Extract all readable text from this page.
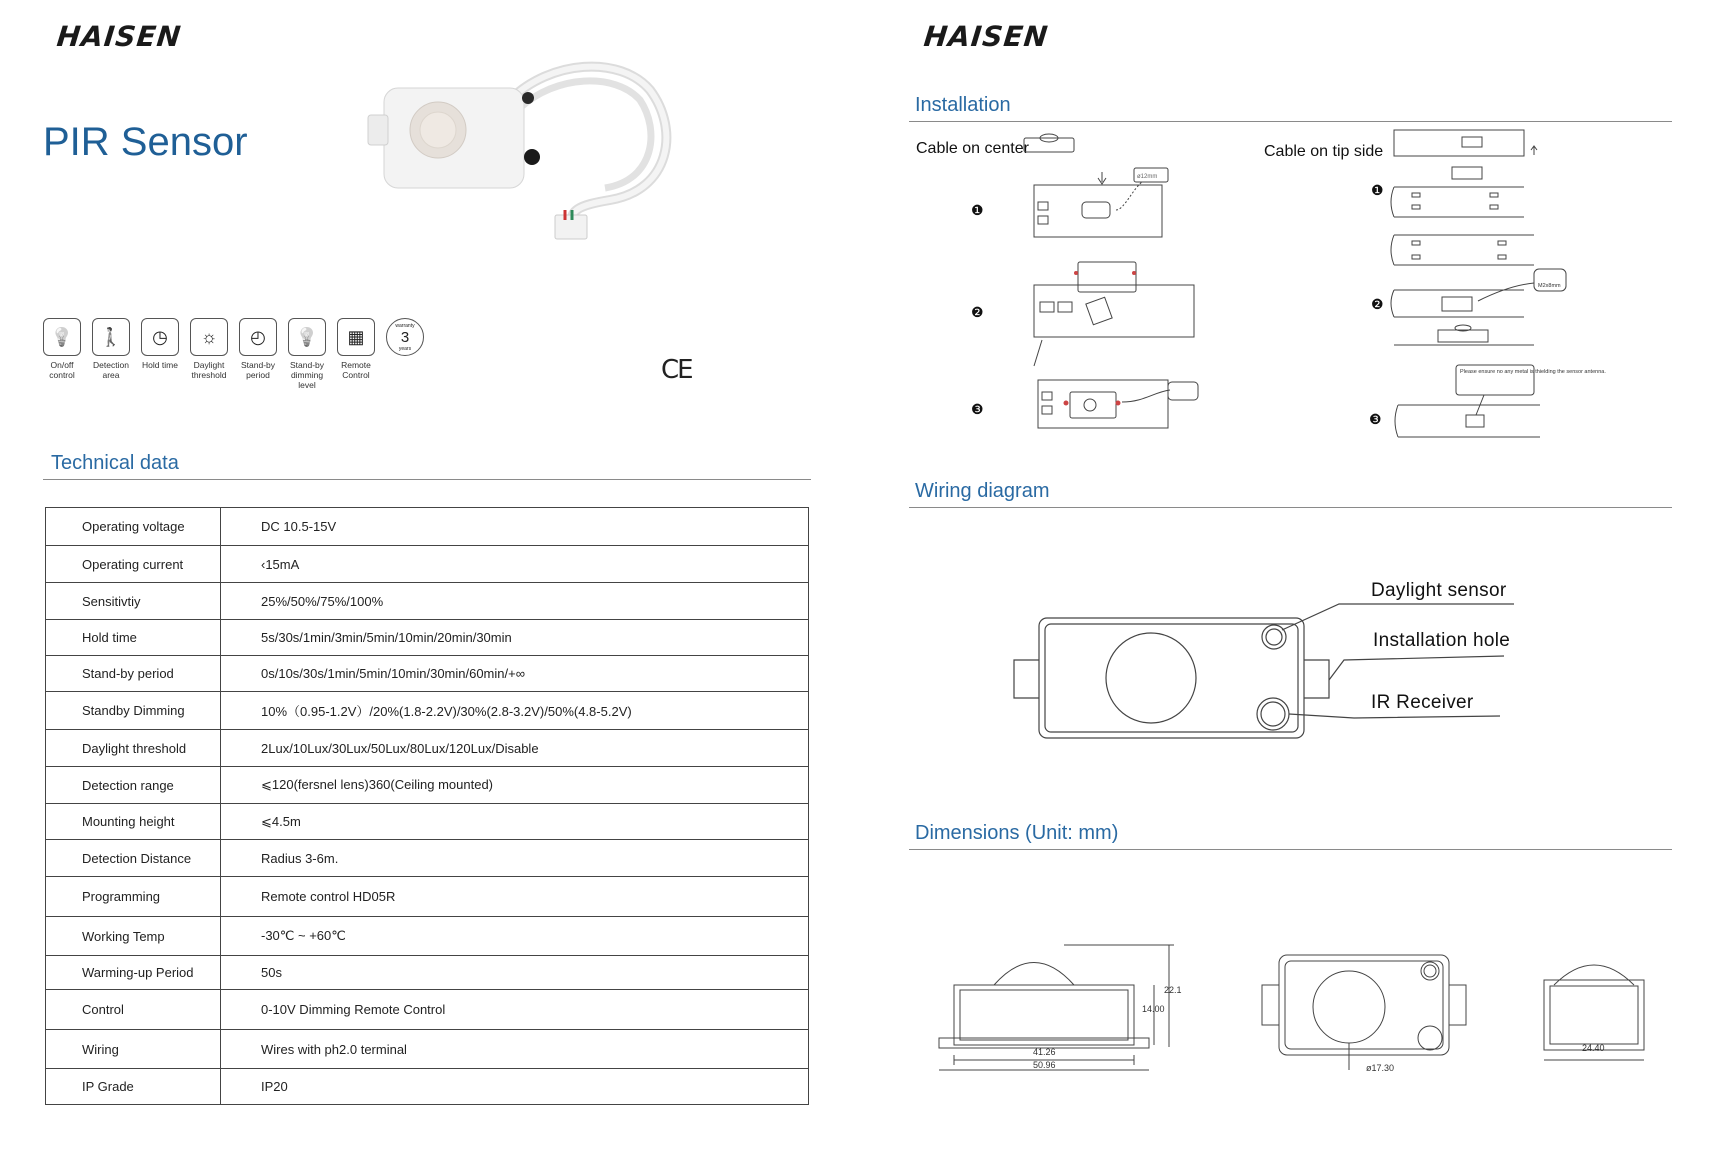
HAISEN
PIR Sensor
💡
On/off control
🚶
Detection area
◷
Hold time
☼
Daylight threshold
◴
Stand-by period
💡
Stand-by dimming level
▦
Remote Control
warranty
3
years
CE
Technical data
Operating voltage	DC 10.5-15V
Operating current	‹15mA
Sensitivtiy	25%/50%/75%/100%
Hold time	5s/30s/1min/3min/5min/10min/20min/30min
Stand-by period	0s/10s/30s/1min/5min/10min/30min/60min/+∞
Standby Dimming	10%（0.95-1.2V）/20%(1.8-2.2V)/30%(2.8-3.2V)/50%(4.8-5.2V)
Daylight threshold	2Lux/10Lux/30Lux/50Lux/80Lux/120Lux/Disable
Detection range	⩽120(fersnel lens)360(Ceiling mounted)
Mounting height	⩽4.5m
Detection Distance	Radius 3-6m.
Programming	Remote control HD05R
Working Temp	-30℃ ~ +60℃
Warming-up Period	50s
Control	0-10V Dimming Remote Control
Wiring	Wires with ph2.0 terminal
IP Grade	IP20
HAISEN
Installation
Cable on center	Cable on tip side
❶
❷
❸
❶
❷
❸
ø12mm
Please ensure no any metal is thielding the sensor antenna.
M2x8mm
Wiring diagram
Daylight sensor
Installation hole
IR Receiver
Dimensions (Unit: mm)
22.1
14.00
41.26
50.96	ø17.30
24.40
